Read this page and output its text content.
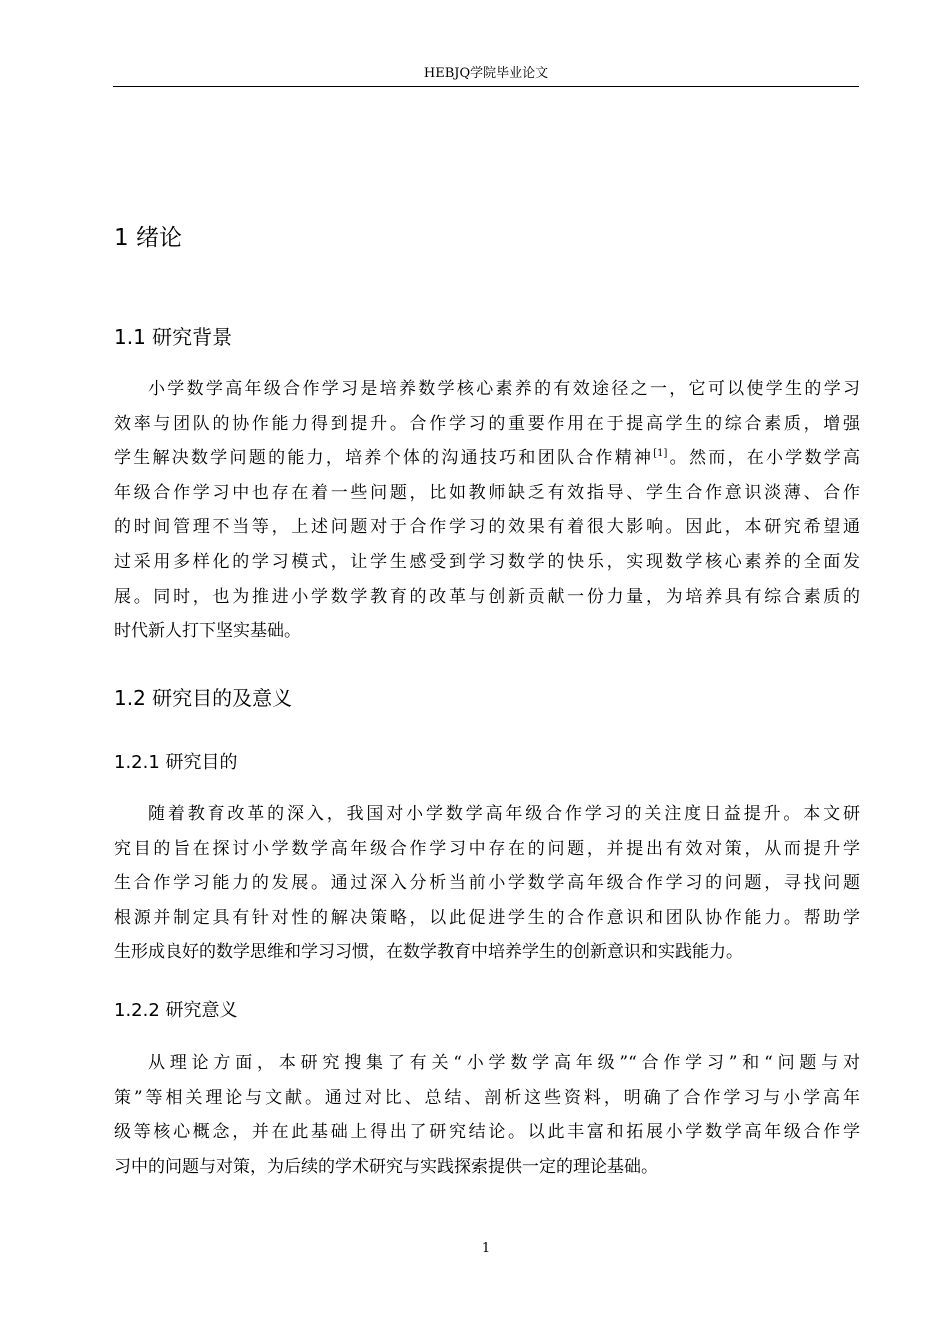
HEBJQ学院毕业论文
1 绪论
1.1 研究背景
小学数学高年级合作学习是培养数学核心素养的有效途径之一，它可以使学生的学习
效率与团队的协作能力得到提升。合作学习的重要作用在于提高学生的综合素质，增强
学生解决数学问题的能力，培养个体的沟通技巧和团队合作精神[1]。然而，在小学数学高
年级合作学习中也存在着一些问题，比如教师缺乏有效指导、学生合作意识淡薄、合作
的时间管理不当等，上述问题对于合作学习的效果有着很大影响。因此，本研究希望通
过采用多样化的学习模式，让学生感受到学习数学的快乐，实现数学核心素养的全面发
展。同时，也为推进小学数学教育的改革与创新贡献一份力量，为培养具有综合素质的
时代新人打下坚实基础。
1.2 研究目的及意义
1.2.1 研究目的
随着教育改革的深入，我国对小学数学高年级合作学习的关注度日益提升。本文研
究目的旨在探讨小学数学高年级合作学习中存在的问题，并提出有效对策，从而提升学
生合作学习能力的发展。通过深入分析当前小学数学高年级合作学习的问题，寻找问题
根源并制定具有针对性的解决策略，以此促进学生的合作意识和团队协作能力。帮助学
生形成良好的数学思维和学习习惯，在数学教育中培养学生的创新意识和实践能力。
1.2.2 研究意义
从理论方面，本研究搜集了有关“小学数学高年级”“合作学习”和“问题与对
策”等相关理论与文献。通过对比、总结、剖析这些资料，明确了合作学习与小学高年
级等核心概念，并在此基础上得出了研究结论。以此丰富和拓展小学数学高年级合作学
习中的问题与对策，为后续的学术研究与实践探索提供一定的理论基础。
1
